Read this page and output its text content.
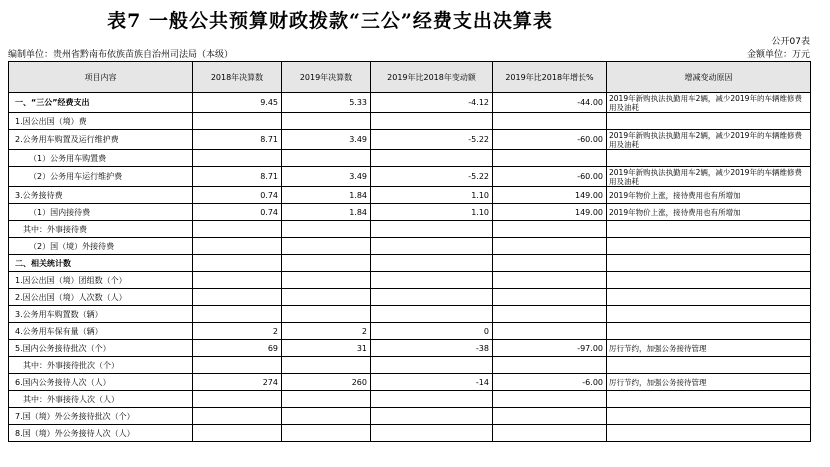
表7 一般公共预算财政拨款“三公”经费支出决算表
公开07表
编制单位：贵州省黔南布依族苗族自治州司法局（本级）	金额单位：万元
项目内容	2018年决算数	2019年决算数	2019年比2018年变动额	2019年比2018年增长%	增减变动原因
一、“三公”经费支出	9.45	5.33	-4.12	-44.00	2019年新购执法执勤用车2辆，减少2019年的车辆维修费用及油耗
1.因公出国（境）费					
2.公务用车购置及运行维护费	8.71	3.49	-5.22	-60.00	2019年新购执法执勤用车2辆，减少2019年的车辆维修费用及油耗
（1）公务用车购置费					
（2）公务用车运行维护费	8.71	3.49	-5.22	-60.00	2019年新购执法执勤用车2辆，减少2019年的车辆维修费用及油耗
3.公务接待费	0.74	1.84	1.10	149.00	2019年物价上涨，接待费用也有所增加
（1）国内接待费	0.74	1.84	1.10	149.00	2019年物价上涨，接待费用也有所增加
其中：外事接待费					
（2）国（境）外接待费					
二、相关统计数					
1.因公出国（境）团组数（个）					
2.因公出国（境）人次数（人）					
3.公务用车购置数（辆）					
4.公务用车保有量（辆）	2	2	0		
5.国内公务接待批次（个）	69	31	-38	-97.00	厉行节约，加强公务接待管理
其中：外事接待批次（个）					
6.国内公务接待人次（人）	274	260	-14	-6.00	厉行节约，加强公务接待管理
其中：外事接待人次（人）					
7.国（境）外公务接待批次（个）					
8.国（境）外公务接待人次（人）					
